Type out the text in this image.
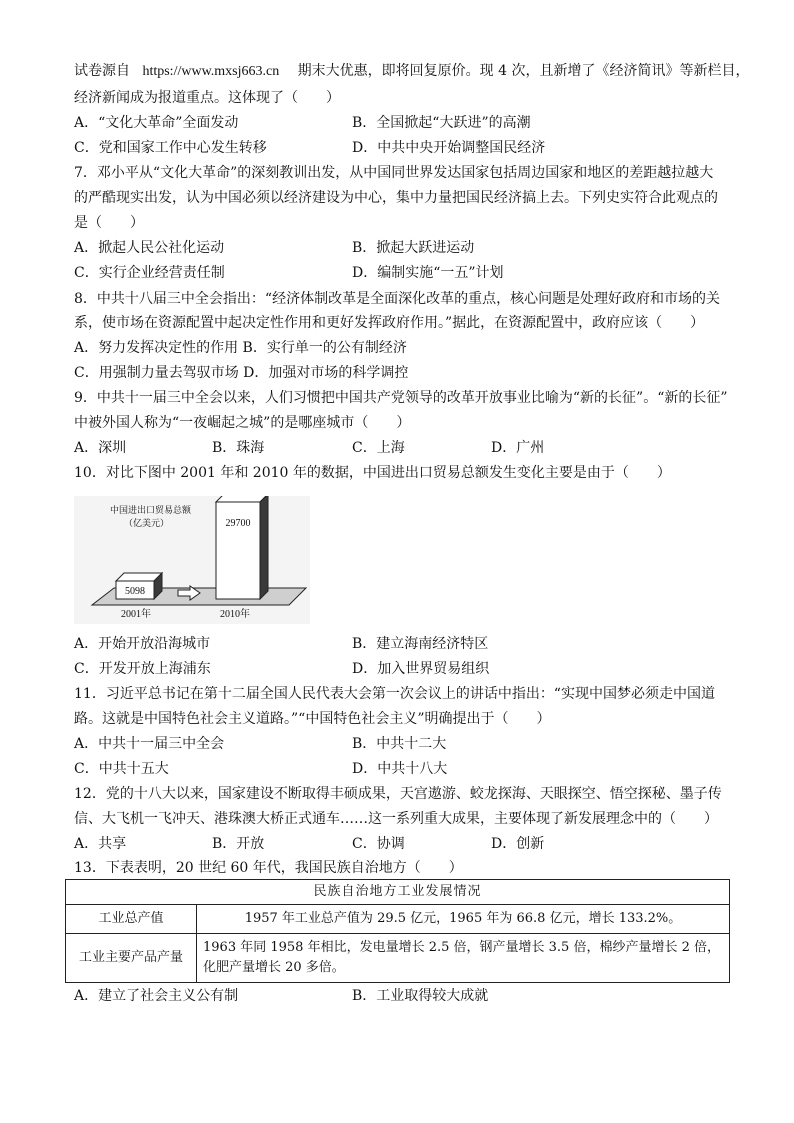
试卷源自 https://www.mxsj663.cn 期末大优惠，即将回复原价。现 4 次，且新增了《经济简讯》等新栏目，
经济新闻成为报道重点。这体现了（　　）
A．“文化大革命”全面发动	B．全国掀起“大跃进”的高潮
C．党和国家工作中心发生转移	D．中共中央开始调整国民经济
7．邓小平从“文化大革命”的深刻教训出发，从中国同世界发达国家包括周边国家和地区的差距越拉越大
的严酷现实出发，认为中国必须以经济建设为中心，集中力量把国民经济搞上去。下列史实符合此观点的
是（　　）
A．掀起人民公社化运动	B．掀起大跃进运动
C．实行企业经营责任制	D．编制实施“一五”计划
8．中共十八届三中全会指出：“经济体制改革是全面深化改革的重点，核心问题是处理好政府和市场的关
系，使市场在资源配置中起决定性作用和更好发挥政府作用。”据此，在资源配置中，政府应该（　　）
A．努力发挥决定性的作用 B．实行单一的公有制经济
C．用强制力量去驾驭市场 D．加强对市场的科学调控
9．中共十一届三中全会以来，人们习惯把中国共产党领导的改革开放事业比喻为“新的长征”。“新的长征”
中被外国人称为“一夜崛起之城”的是哪座城市（　　）
A．深圳	B．珠海	C．上海	D．广州
10．对比下图中 2001 年和 2010 年的数据，中国进出口贸易总额发生变化主要是由于（　　）
中国进出口贸易总额
（亿美元）
5098
29700
2001年	2010年
A．开始开放沿海城市	B．建立海南经济特区
C．开发开放上海浦东	D．加入世界贸易组织
11．习近平总书记在第十二届全国人民代表大会第一次会议上的讲话中指出：“实现中国梦必须走中国道
路。这就是中国特色社会主义道路。”“中国特色社会主义”明确提出于（　　）
A．中共十一届三中全会	B．中共十二大
C．中共十五大	D．中共十八大
12．党的十八大以来，国家建设不断取得丰硕成果，天宫遨游、蛟龙探海、天眼探空、悟空探秘、墨子传
信、大飞机一飞冲天、港珠澳大桥正式通车……这一系列重大成果，主要体现了新发展理念中的（　　）
A．共享	B．开放	C．协调	D．创新
13．下表表明，20 世纪 60 年代，我国民族自治地方（　　）
民族自治地方工业发展情况	
工业总产值	1957 年工业总产值为 29.5 亿元，1965 年为 66.8 亿元，增长 133.2%。
工业主要产品产量	1963 年同 1958 年相比，发电量增长 2.5 倍，钢产量增长 3.5 倍，棉纱产量增长 2 倍，化肥产量增长 20 多倍。
A．建立了社会主义公有制	B．工业取得较大成就
